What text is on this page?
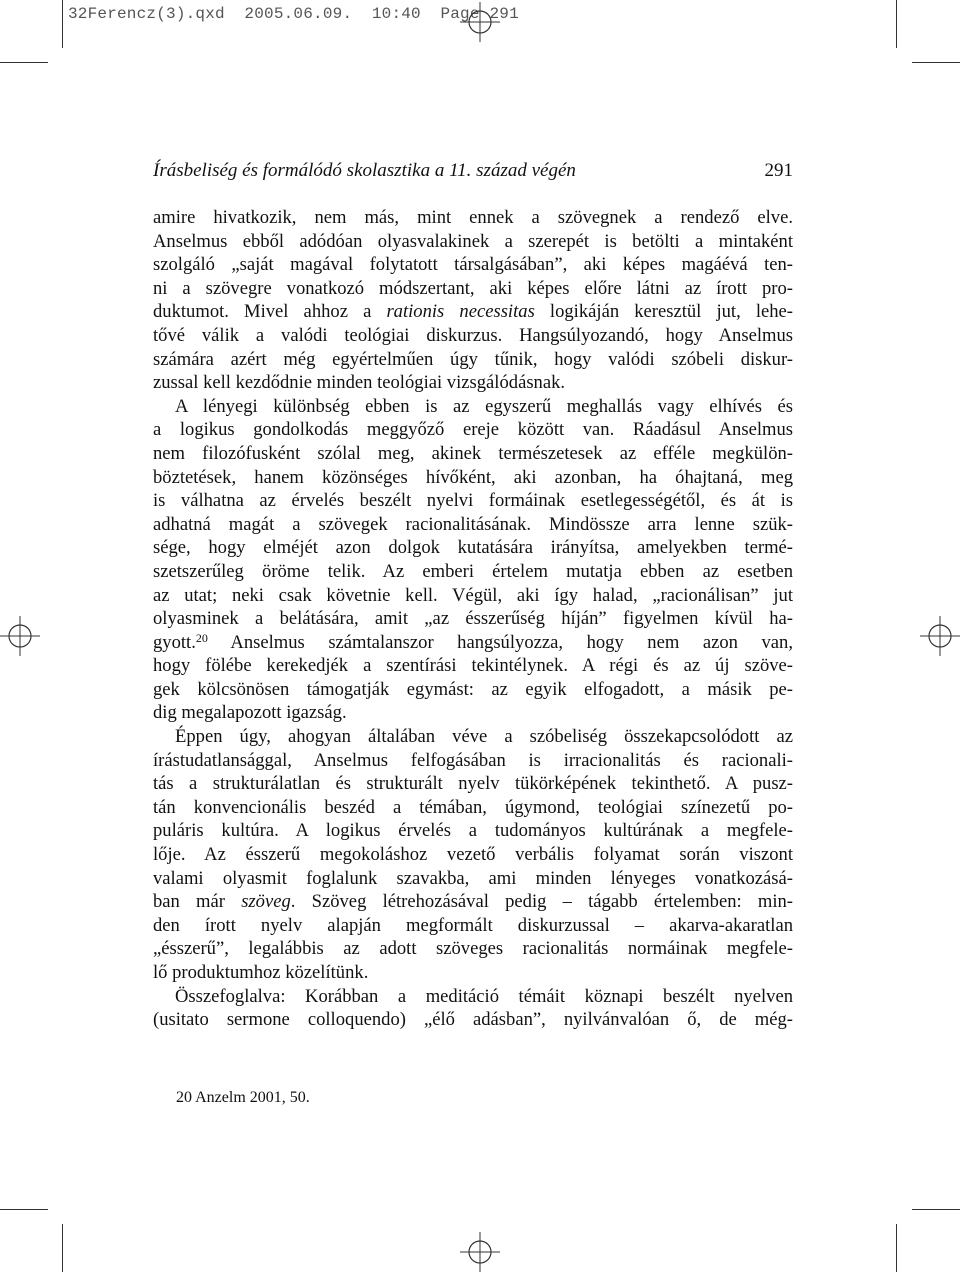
32Ferencz(3).qxd  2005.06.09.  10:40  Page 291
Írásbeliség és formálódó skolasztika a 11. század végén	291
amire hivatkozik, nem más, mint ennek a szövegnek a rendező elve.
Anselmus ebből adódóan olyasvalakinek a szerepét is betölti a mintaként
szolgáló „saját magával folytatott társalgásában”, aki képes magáévá ten-
ni a szövegre vonatkozó módszertant, aki képes előre látni az írott pro-
duktumot. Mivel ahhoz a rationis necessitas logikáján keresztül jut, lehe-
tővé válik a valódi teológiai diskurzus. Hangsúlyozandó, hogy Anselmus
számára azért még egyértelműen úgy tűnik, hogy valódi szóbeli diskur-
zussal kell kezdődnie minden teológiai vizsgálódásnak.
A lényegi különbség ebben is az egyszerű meghallás vagy elhívés és
a logikus gondolkodás meggyőző ereje között van. Ráadásul Anselmus
nem filozófusként szólal meg, akinek természetesek az efféle megkülön-
böztetések, hanem közönséges hívőként, aki azonban, ha óhajtaná, meg
is válhatna az érvelés beszélt nyelvi formáinak esetlegességétől, és át is
adhatná magát a szövegek racionalitásának. Mindössze arra lenne szük-
sége, hogy elméjét azon dolgok kutatására irányítsa, amelyekben termé-
szetszerűleg öröme telik. Az emberi értelem mutatja ebben az esetben
az utat; neki csak követnie kell. Végül, aki így halad, „racionálisan” jut
olyasminek a belátására, amit „az ésszerűség híján” figyelmen kívül ha-
gyott.$^{20}$ Anselmus számtalanszor hangsúlyozza, hogy nem azon van,
hogy fölébe kerekedjék a szentírási tekintélynek. A régi és az új szöve-
gek kölcsönösen támogatják egymást: az egyik elfogadott, a másik pe-
dig megalapozott igazság.
Éppen úgy, ahogyan általában véve a szóbeliség összekapcsolódott az
írástudatlansággal, Anselmus felfogásában is irracionalitás és racionali-
tás a strukturálatlan és strukturált nyelv tükörképének tekinthető. A pusz-
tán konvencionális beszéd a témában, úgymond, teológiai színezetű po-
puláris kultúra. A logikus érvelés a tudományos kultúrának a megfele-
lője. Az ésszerű megokoláshoz vezető verbális folyamat során viszont
valami olyasmit foglalunk szavakba, ami minden lényeges vonatkozásá-
ban már szöveg. Szöveg létrehozásával pedig – tágabb értelemben: min-
den írott nyelv alapján megformált diskurzussal – akarva-akaratlan
„ésszerű”, legalábbis az adott szöveges racionalitás normáinak megfele-
lő produktumhoz közelítünk.
Összefoglalva: Korábban a meditáció témáit köznapi beszélt nyelven
(usitato sermone colloquendo) „élő adásban”, nyilvánvalóan ő, de még-
20 Anzelm 2001, 50.
